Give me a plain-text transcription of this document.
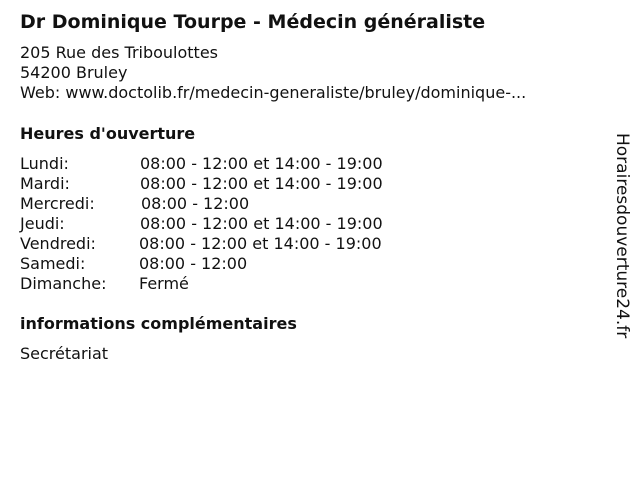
Dr Dominique Tourpe - Médecin généraliste
205 Rue des Triboulottes
54200 Bruley
Web: www.doctolib.fr/medecin-generaliste/bruley/dominique-...
Heures d'ouverture
Lundi:	08:00 - 12:00 et 14:00 - 19:00
Mardi:	08:00 - 12:00 et 14:00 - 19:00
Mercredi:	08:00 - 12:00
Jeudi:	08:00 - 12:00 et 14:00 - 19:00
Vendredi:	08:00 - 12:00 et 14:00 - 19:00
Samedi:	08:00 - 12:00
Dimanche: Fermé
informations complémentaires
Secrétariat
Horairesdouverture24.fr
